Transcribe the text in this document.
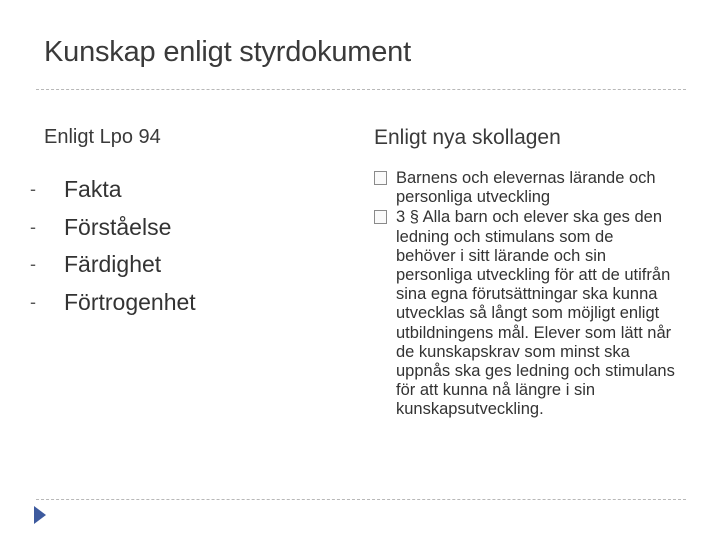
Kunskap enligt styrdokument
Enligt Lpo 94
- Fakta
- Förståelse
- Färdighet
- Förtrogenhet
Enligt nya skollagen
Barnens och elevernas lärande och personliga utveckling
3 § Alla barn och elever ska ges den ledning och stimulans som de behöver i sitt lärande och sin personliga utveckling för att de utifrån sina egna förutsättningar ska kunna utvecklas så långt som möjligt enligt utbildningens mål. Elever som lätt når de kunskapskrav som minst ska uppnås ska ges ledning och stimulans för att kunna nå längre i sin kunskapsutveckling.
